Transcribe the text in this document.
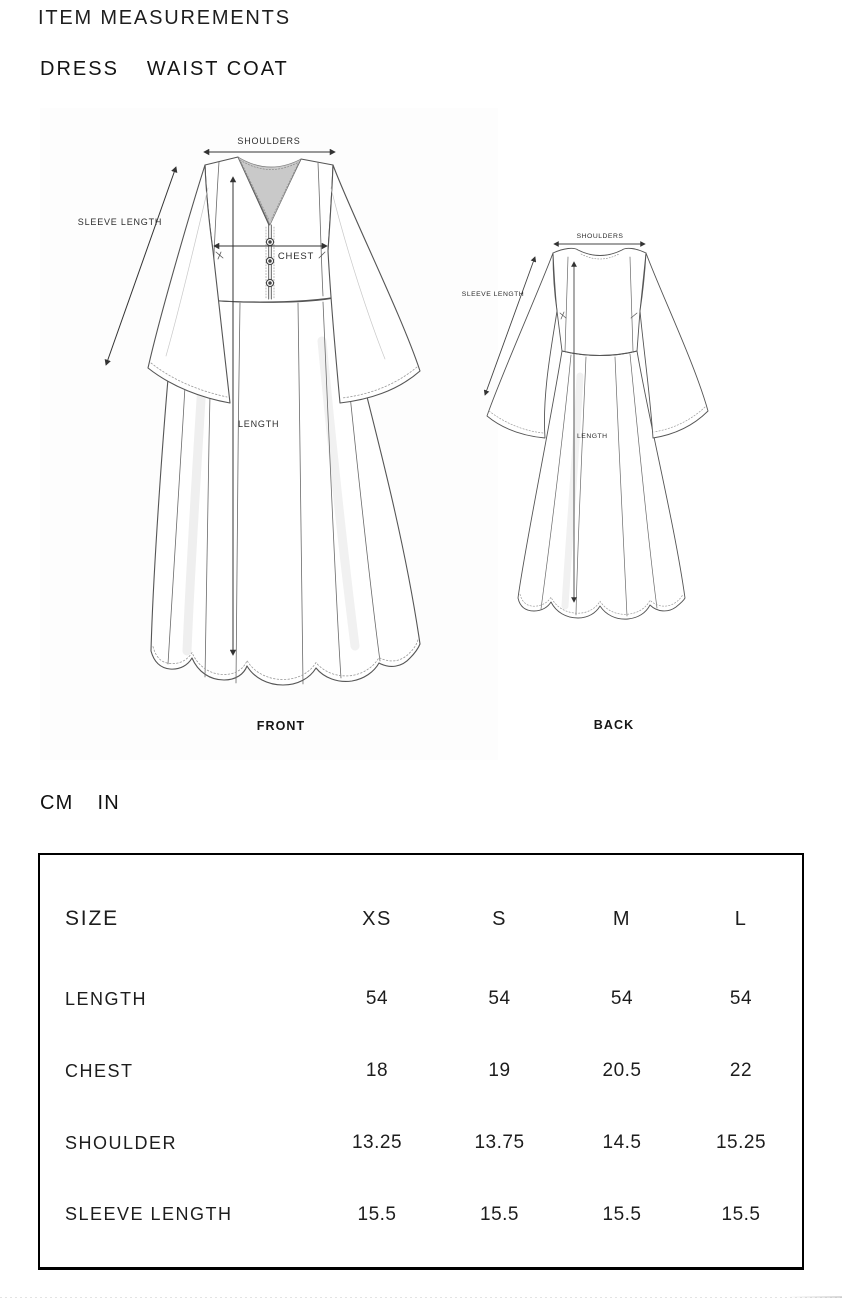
ITEM MEASUREMENTS
DRESS WAIST COAT
SHOULDERS
SLEEVE LENGTH
CHEST
LENGTH
SHOULDERS
SLEEVE LENGTH
LENGTH
FRONT	BACK
CM IN
SIZE	XS	S	M	L
LENGTH	54	54	54	54
CHEST	18	19	20.5	22
SHOULDER	13.25	13.75	14.5	15.25
SLEEVE LENGTH	15.5	15.5	15.5	15.5
